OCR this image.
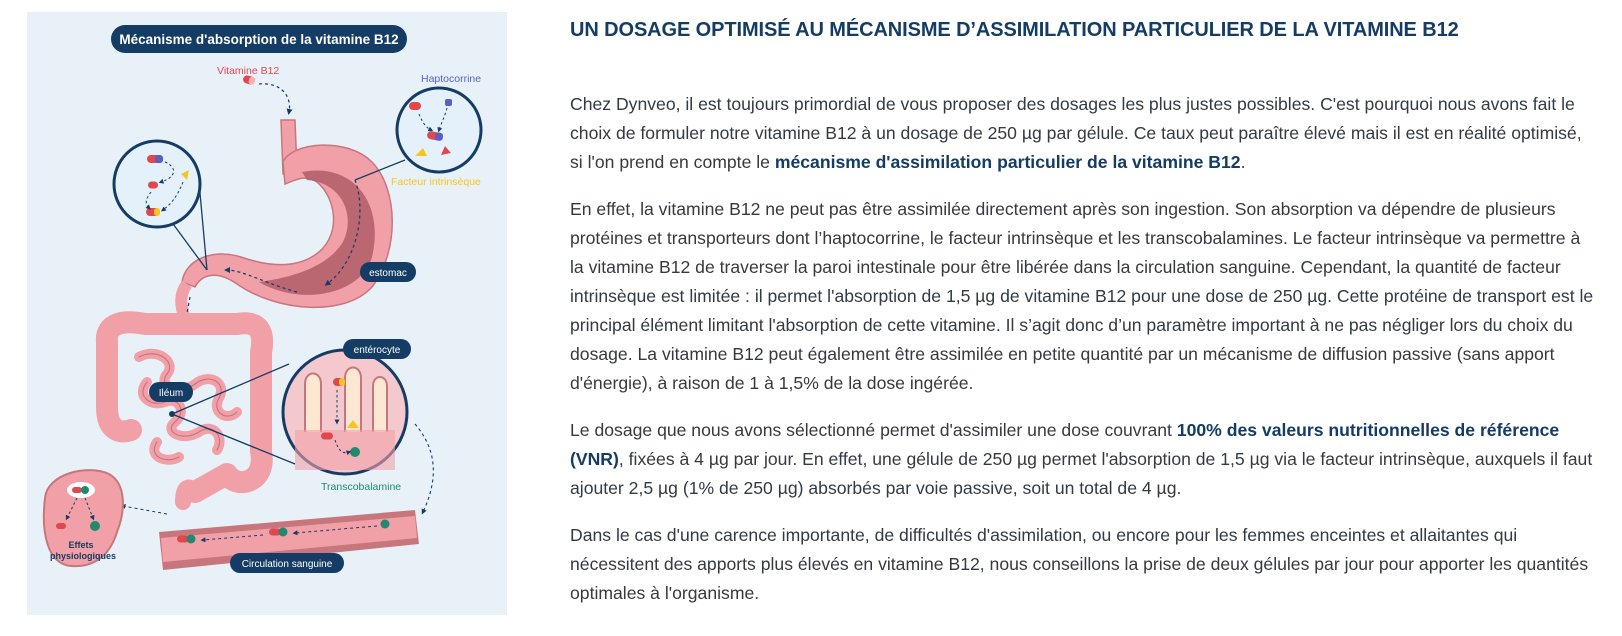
Mécanisme d'absorption de la vitamine B12
Vitamine B12
estomac
Iléum
Haptocorrine
Facteur intrinsèque
entérocyte
Transcobalamine
Circulation sanguine
Effets
physiologiques
UN DOSAGE OPTIMISÉ AU MÉCANISME D’ASSIMILATION PARTICULIER DE LA VITAMINE B12

Chez Dynveo, il est toujours primordial de vous proposer des dosages les plus justes possibles. C'est pourquoi nous avons fait le choix de formuler notre vitamine B12 à un dosage de 250 µg par gélule. Ce taux peut paraître élevé mais il est en réalité optimisé, si l'on prend en compte le mécanisme d'assimilation particulier de la vitamine B12.

En effet, la vitamine B12 ne peut pas être assimilée directement après son ingestion. Son absorption va dépendre de plusieurs protéines et transporteurs dont l’haptocorrine, le facteur intrinsèque et les transcobalamines. Le facteur intrinsèque va permettre à la vitamine B12 de traverser la paroi intestinale pour être libérée dans la circulation sanguine. Cependant, la quantité de facteur intrinsèque est limitée : il permet l'absorption de 1,5 µg de vitamine B12 pour une dose de 250 µg. Cette protéine de transport est le principal élément limitant l'absorption de cette vitamine. Il s’agit donc d’un paramètre important à ne pas négliger lors du choix du dosage. La vitamine B12 peut également être assimilée en petite quantité par un mécanisme de diffusion passive (sans apport d'énergie), à raison de 1 à 1,5% de la dose ingérée.

Le dosage que nous avons sélectionné permet d'assimiler une dose couvrant 100% des valeurs nutritionnelles de référence (VNR), fixées à 4 µg par jour. En effet, une gélule de 250 µg permet l'absorption de 1,5 µg via le facteur intrinsèque, auxquels il faut ajouter 2,5 µg (1% de 250 µg) absorbés par voie passive, soit un total de 4 µg.

Dans le cas d'une carence importante, de difficultés d'assimilation, ou encore pour les femmes enceintes et allaitantes qui nécessitent des apports plus élevés en vitamine B12, nous conseillons la prise de deux gélules par jour pour apporter les quantités optimales à l'organisme.
